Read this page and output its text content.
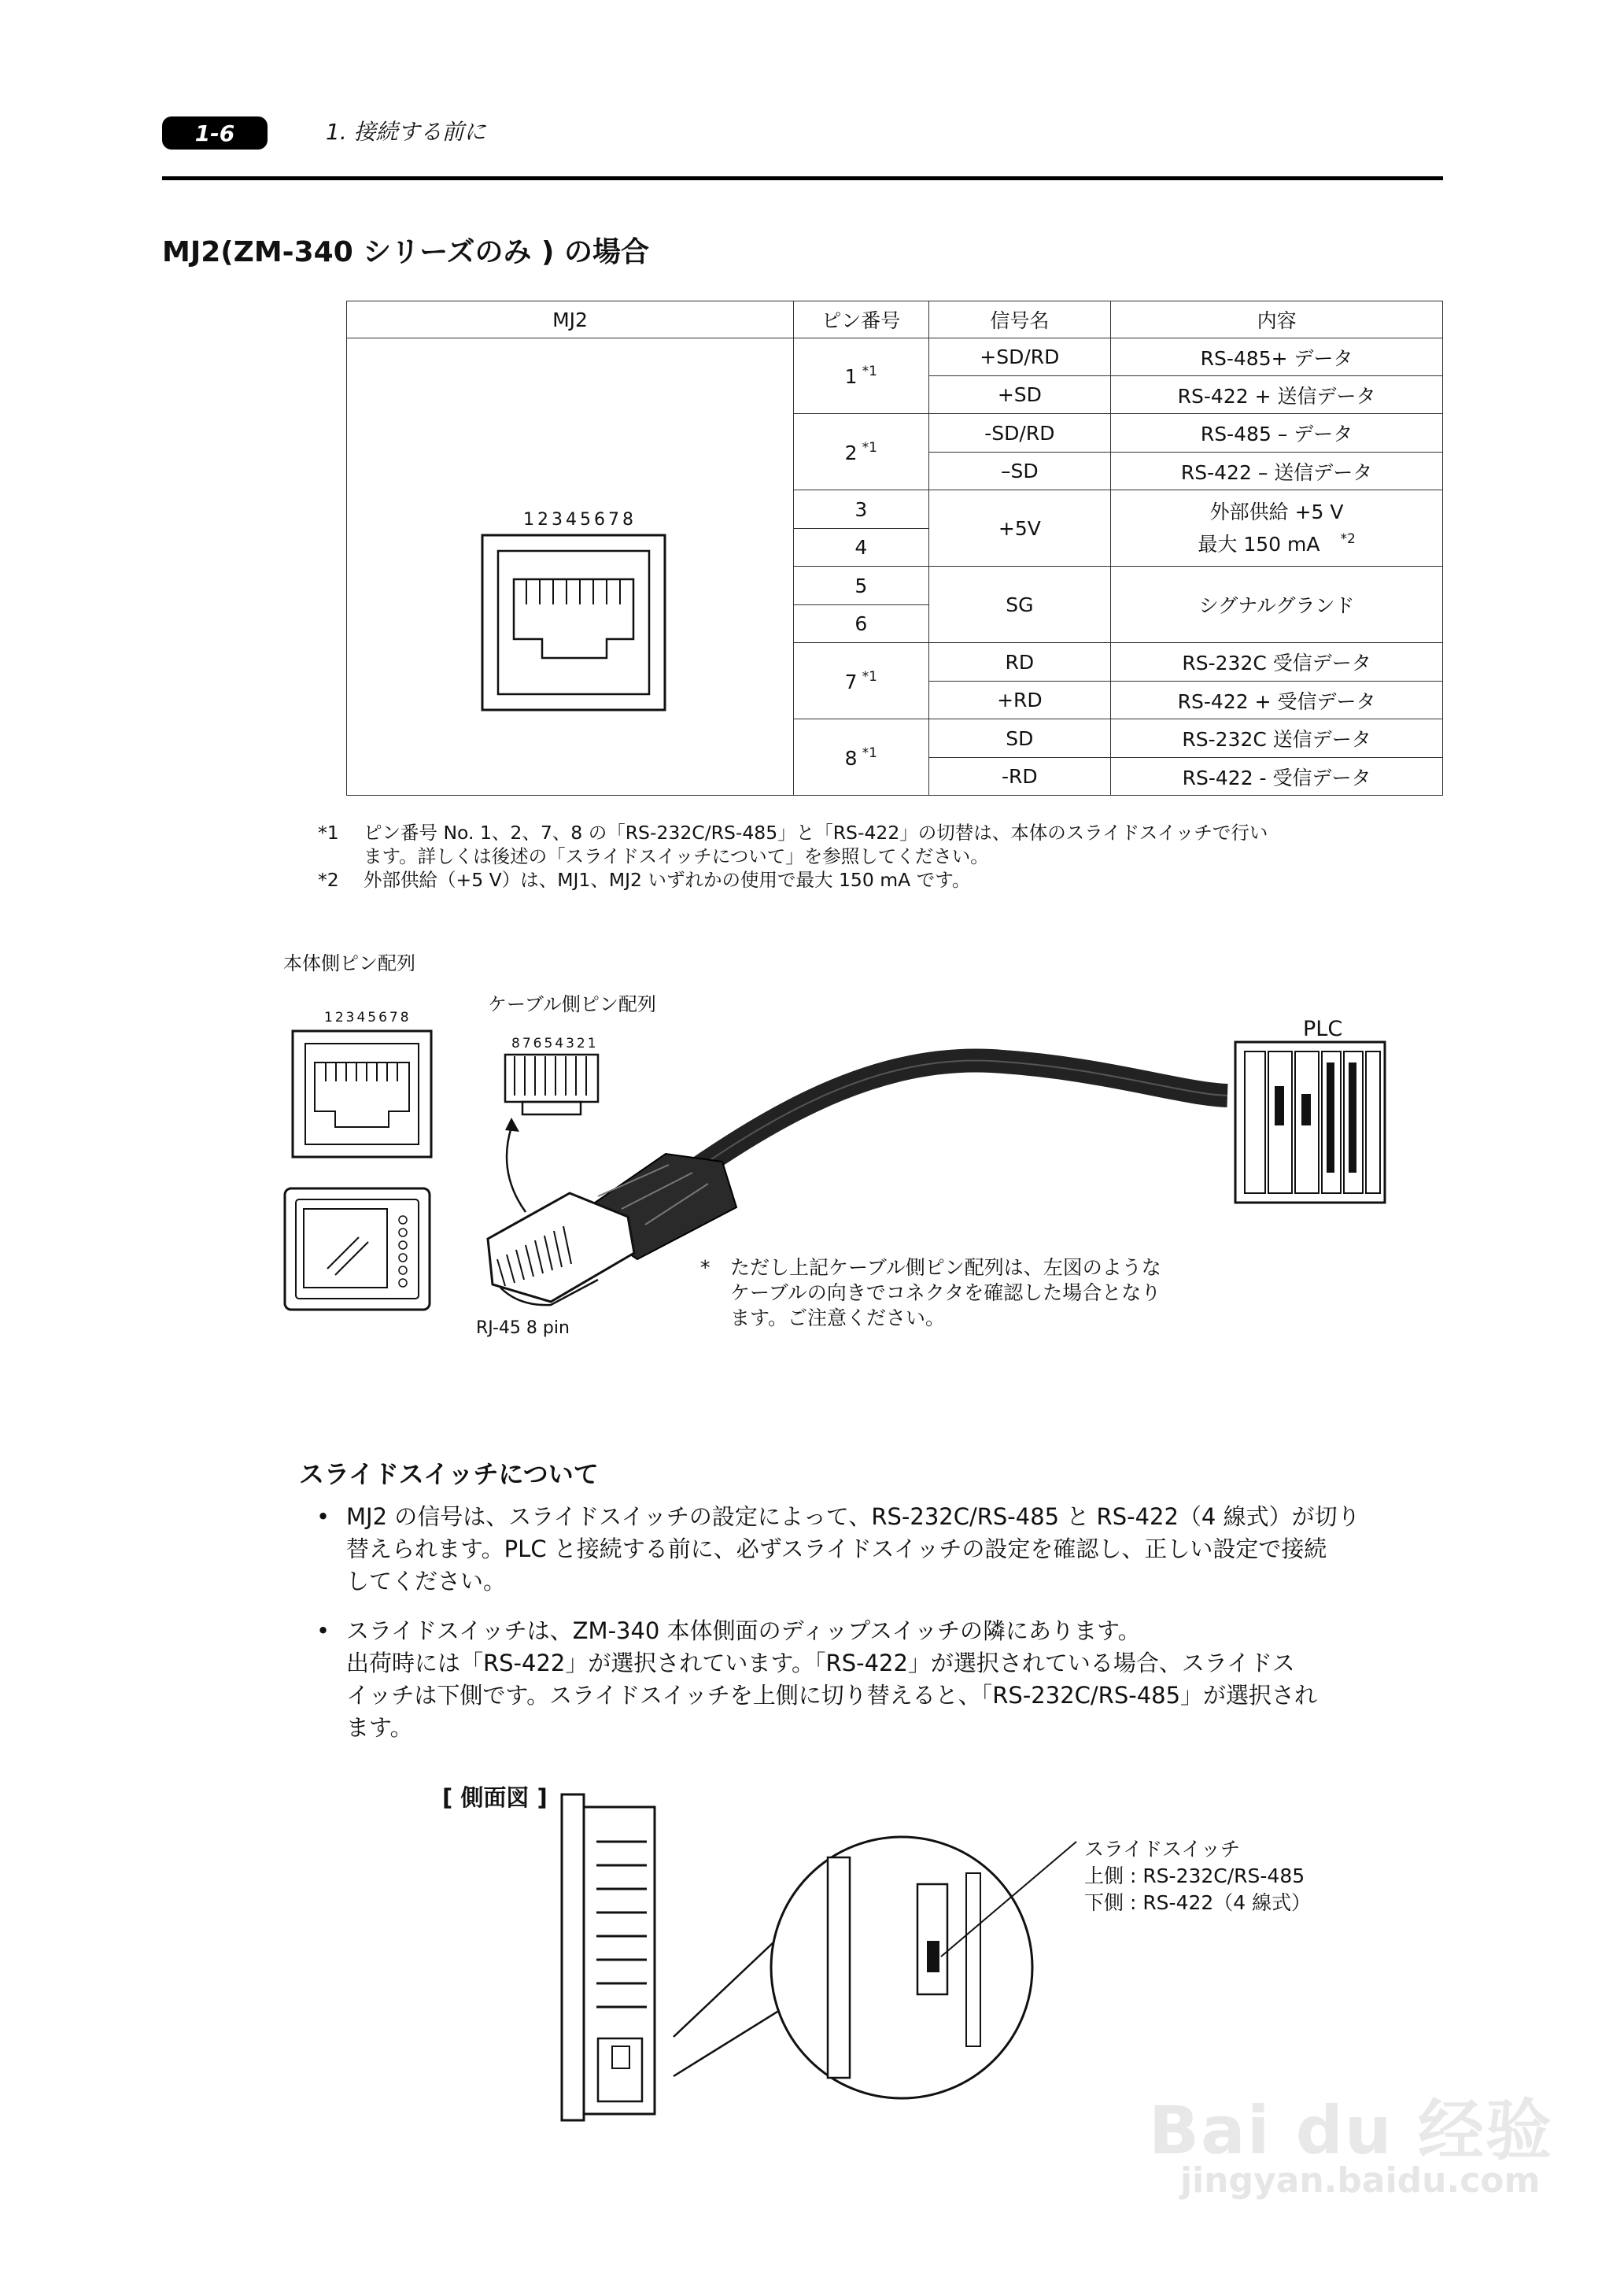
1-6	1. 接続する前に
MJ2(ZM-340 シリーズのみ ) の場合
MJ2	ピン番号	信号名	内容

12345678	1 $^{*1}$	+SD/RD	RS-485+ データ
		+SD	RS-422 + 送信データ
	2 $^{*1}$	-SD/RD	RS-485 – データ
		–SD	RS-422 – 送信データ
	3	+5V	外部供給 +5 V
最大 150 mA $^{*2}$

	4		
	5	SG	シグナルグランド
	6		
	7 $^{*1}$	RD	RS-232C 受信データ
		+RD	RS-422 + 受信データ
	8 $^{*1}$	SD	RS-232C 送信データ
		-RD	RS-422 - 受信データ
*1	ピン番号 No. 1、2、7、8 の「RS-232C/RS-485」と「RS-422」の切替は、本体のスライドスイッチで行い
ます。詳しくは後述の「スライドスイッチについて」を参照してください。
*2	外部供給（+5 V）は、MJ1、MJ2 いずれかの使用で最大 150 mA です。
本体側ピン配列
12345678
ケーブル側ピン配列
87654321
PLC
RJ-45 8 pin
*	ただし上記ケーブル側ピン配列は、左図のような
ケーブルの向きでコネクタを確認した場合となり
ます。ご注意ください。
スライドスイッチについて
• MJ2 の信号は、スライドスイッチの設定によって、RS-232C/RS-485 と RS-422（4 線式）が切り
替えられます。PLC と接続する前に、必ずスライドスイッチの設定を確認し、正しい設定で接続
してください。
• スライドスイッチは、ZM-340 本体側面のディップスイッチの隣にあります。
出荷時には「RS-422」が選択されています。「RS-422」が選択されている場合、スライドス
イッチは下側です。スライドスイッチを上側に切り替えると、「RS-232C/RS-485」が選択され
ます。
[ 側面図 ]
スライドスイッチ
上側 : RS-232C/RS-485
下側 : RS-422（4 線式）
Bai du 经验
jingyan.baidu.com
